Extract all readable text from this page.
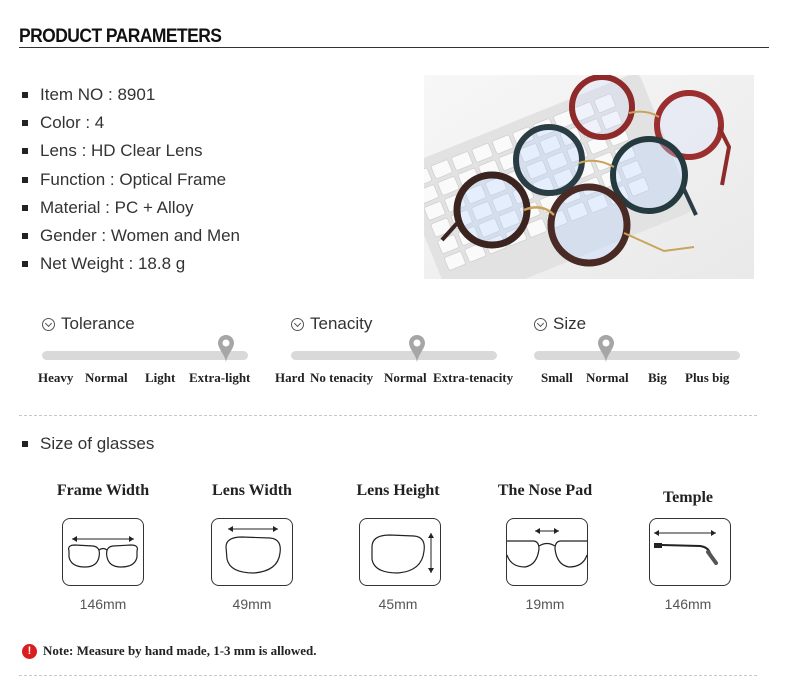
PRODUCT PARAMETERS
Item NO : 8901
Color : 4
Lens : HD Clear Lens
Function : Optical Frame
Material : PC + Alloy
Gender : Women and Men
Net Weight : 18.8 g
Tolerance
Heavy Normal Light Extra-light
Tenacity
Hard No tenacity Normal Extra-tenacity
Size
Small Normal Big Plus big
Size of glasses
Frame Width
146mm
Lens Width
49mm
Lens Height
45mm
The Nose Pad
19mm
Temple
146mm
! Note: Measure by hand made, 1-3 mm is allowed.
